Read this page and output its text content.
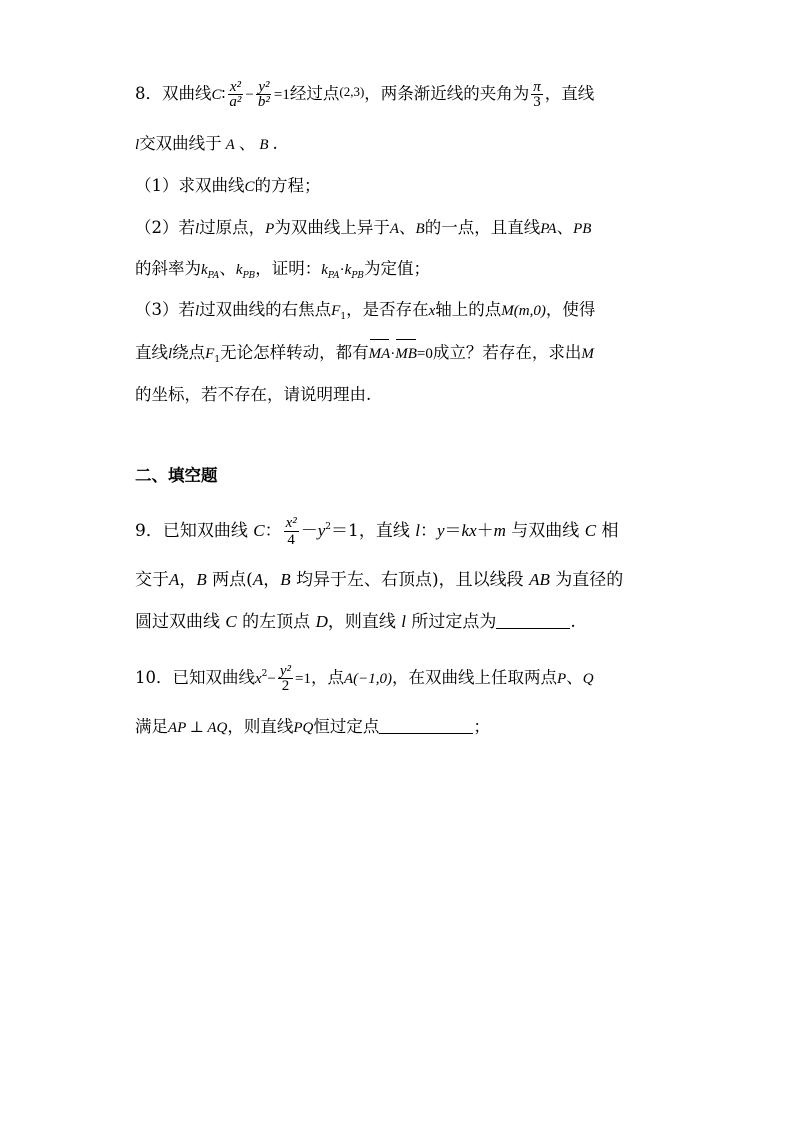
8．双曲线C∶ $\frac{\text{x²}}{\text{a²}} - \frac{\text{y²}}{\text{b²}} =1$经过点(2,3)，两条渐近线的夹角为 $\frac{\pi}{3}$ ，直线
l交双曲线于 A 、 B .
（1）求双曲线C的方程；
（2）若l过原点，P为双曲线上异于A、B的一点，且直线PA、PB
的斜率为$k_{PA}$、$k_{PB}$，证明：$k_{PA}\cdot k_{PB}$为定值；
（3）若l过双曲线的右焦点$F_1$，是否存在x轴上的点M(m,0)，使得
直线l绕点$F_1$无论怎样转动，都有MA·MB=0成立？若存在，求出M
的坐标，若不存在，请说明理由.
二、填空题
9．已知双曲线 C： $\frac{\text{x²}}{4} -y^2=1$，直线 l：y＝kx＋m 与双曲线 C 相
交于A，B 两点(A，B 均异于左、右顶点)，且以线段 AB 为直径的
圆过双曲线 C 的左顶点 D，则直线 l 所过定点为	.
10．已知双曲线$x^2- \frac{\text{y²}}{2} =1$，点A(−1,0)，在双曲线上任取两点P、Q
满足AP ⊥ AQ，则直线PQ恒过定点	；
